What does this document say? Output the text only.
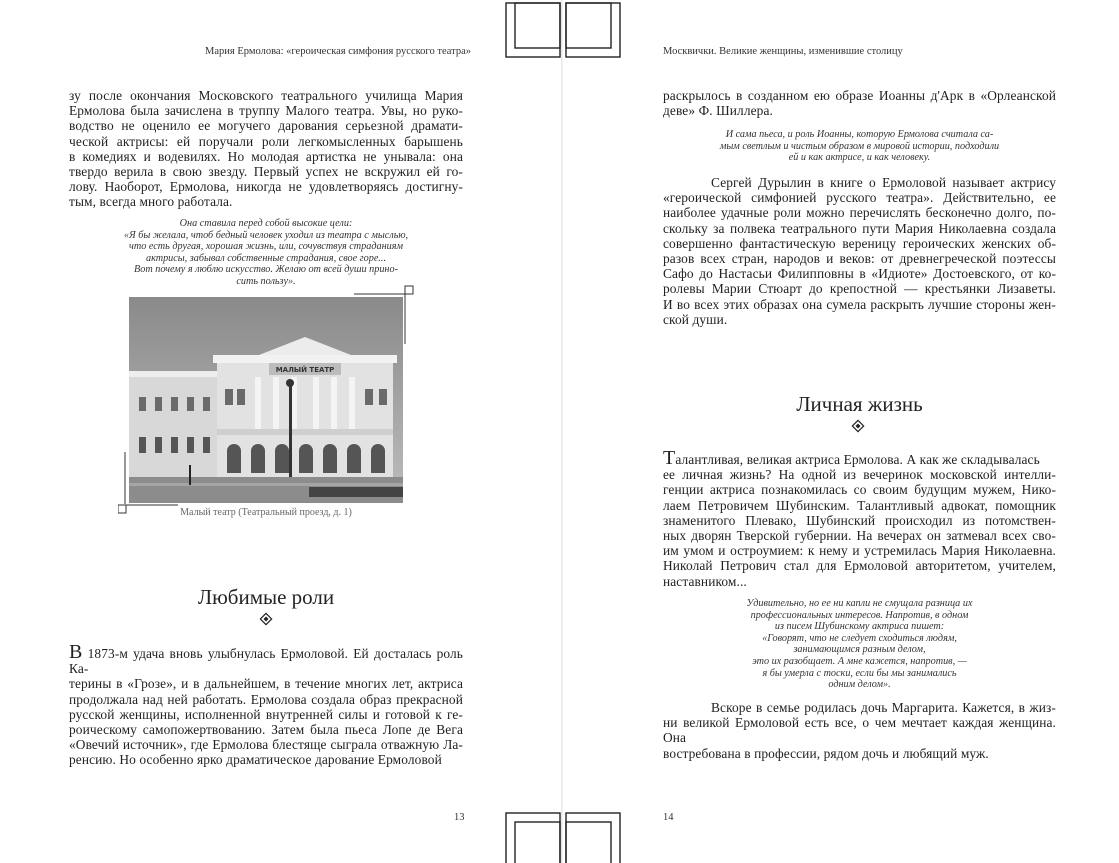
Мария Ермолова: «героическая симфония русского театра»
зу после окончания Московского театрального училища Мария
Ермолова была зачислена в труппу Малого театра. Увы, но руко-
водство не оценило ее могучего дарования серьезной драмати-
ческой актрисы: ей поручали роли легкомысленных барышень
в комедиях и водевилях. Но молодая артистка не унывала: она
твердо верила в свою звезду. Первый успех не вскружил ей го-
лову. Наоборот, Ермолова, никогда не удовлетворяясь достигну-
тым, всегда много работала.
Она ставила перед собой высокие цели:
«Я бы желала, чтоб бедный человек уходил из театра с мыслью,
что есть другая, хорошая жизнь, или, сочувствуя страданиям
актрисы, забывал собственные страдания, свое горе...
Вот почему я люблю искусство. Желаю от всей души прино-
сить пользу».
МАЛЫЙ ТЕАТР
Малый театр (Театральный проезд, д. 1)
Любимые роли

В 1873-м удача вновь улыбнулась Ермоловой. Ей досталась роль Ка-

терины в «Грозе», и в дальнейшем, в течение многих лет, актриса
продолжала над ней работать. Ермолова создала образ прекрасной
русской женщины, исполненной внутренней силы и готовой к ге-
роическому самопожертвованию. Затем была пьеса Лопе де Вега
«Овечий источник», где Ермолова блестяще сыграла отважную Ла-
ренсию. Но особенно ярко драматическое дарование Ермоловой
13
Москвички. Великие женщины, изменившие столицу
раскрылось в созданном ею образе Иоанны д'Арк в «Орлеанской
деве» Ф. Шиллера.
И сама пьеса, и роль Иоанны, которую Ермолова считала са-
мым светлым и чистым образом в мировой истории, подходили
ей и как актрисе, и как человеку.
Сергей Дурылин в книге о Ермоловой называет актрису
«героической симфонией русского театра». Действительно, ее
наиболее удачные роли можно перечислять бесконечно долго, по-
скольку за полвека театрального пути Мария Николаевна создала
совершенно фантастическую вереницу героических женских об-
разов всех стран, народов и веков: от древнегреческой поэтессы
Сафо до Настасьи Филипповны в «Идиоте» Достоевского, от ко-
ролевы Марии Стюарт до крепостной — крестьянки Лизаветы.
И во всех этих образах она сумела раскрыть лучшие стороны жен-
ской души.
Личная жизнь

Талантливая, великая актриса Ермолова. А как же складывалась

ее личная жизнь? На одной из вечеринок московской интелли-
генции актриса познакомилась со своим будущим мужем, Нико-
лаем Петровичем Шубинским. Талантливый адвокат, помощник
знаменитого Плевако, Шубинский происходил из потомствен-
ных дворян Тверской губернии. На вечерах он затмевал всех сво-
им умом и остроумием: к нему и устремилась Мария Николаевна.
Николай Петрович стал для Ермоловой авторитетом, учителем,
наставником...
Удивительно, но ее ни капли не смущала разница их
профессиональных интересов. Напротив, в одном
из писем Шубинскому актриса пишет:
«Говорят, что не следует сходиться людям,
занимающимся разным делом,
это их разобщает. А мне кажется, напротив, —
я бы умерла с тоски, если бы мы занимались
одним делом».
Вскоре в семье родилась дочь Маргарита. Кажется, в жиз-
ни великой Ермоловой есть все, о чем мечтает каждая женщина. Она
востребована в профессии, рядом дочь и любящий муж.
14
